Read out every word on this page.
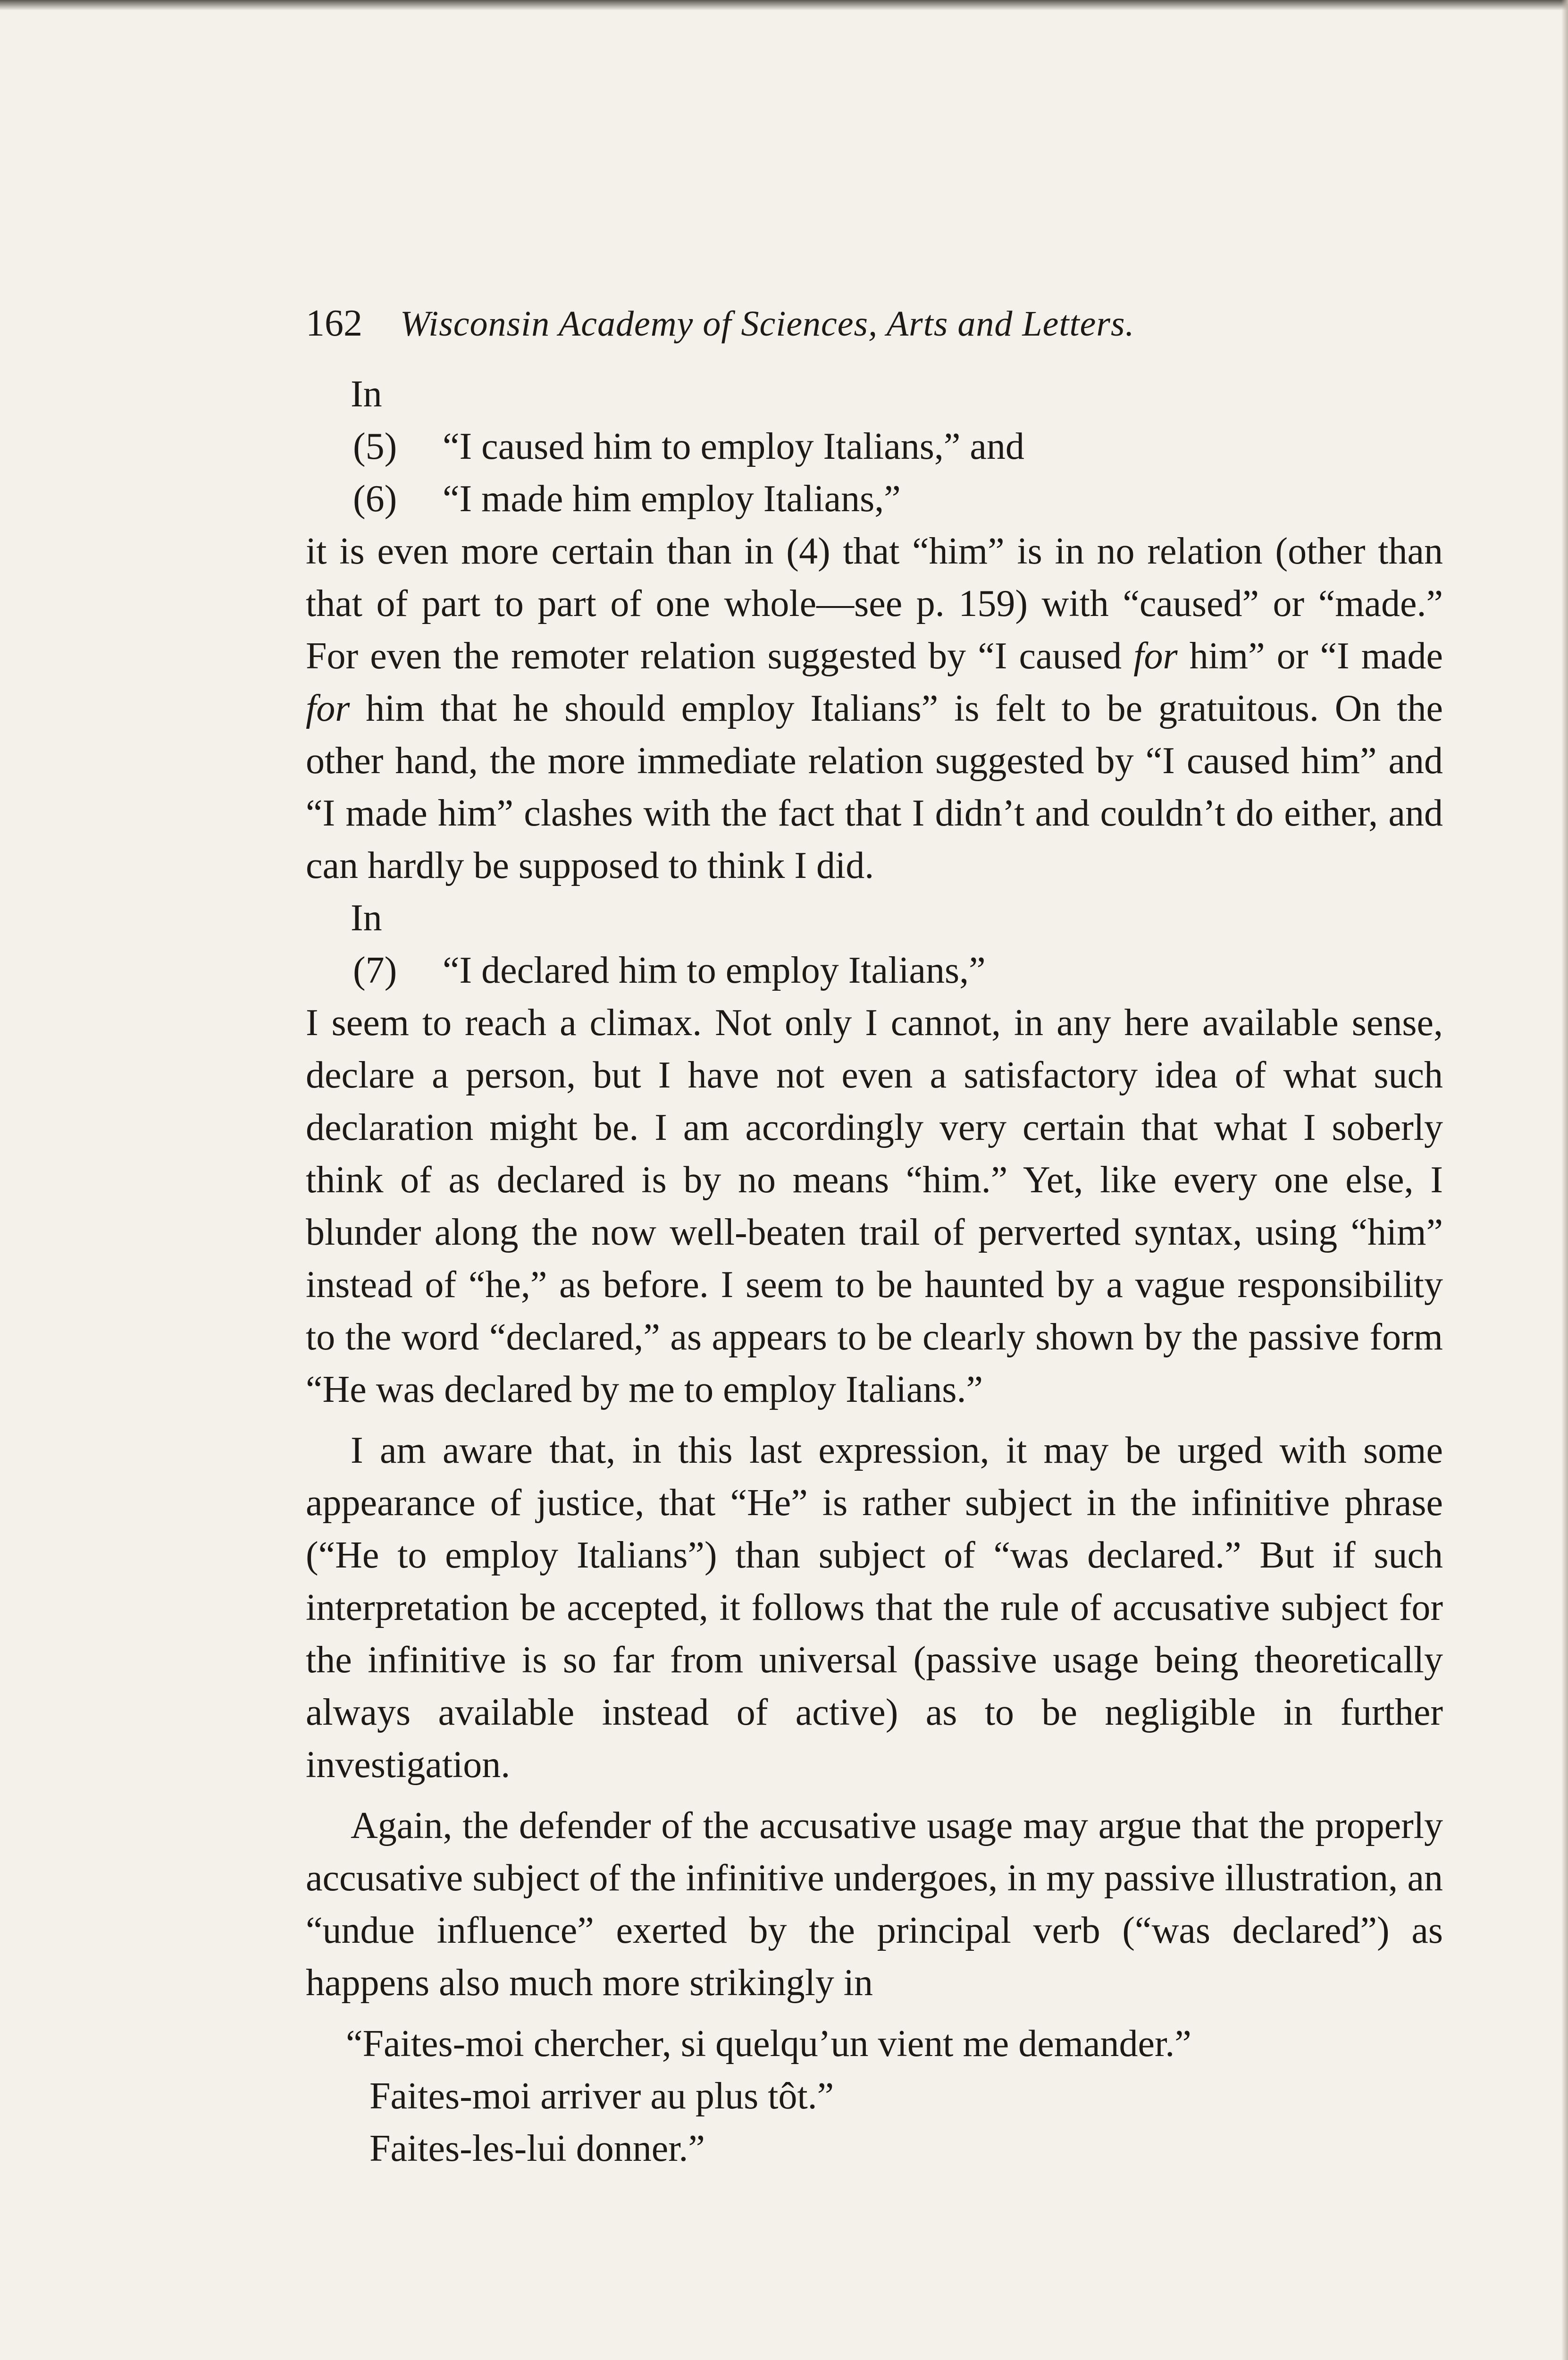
162	Wisconsin Academy of Sciences, Arts and Letters.

In

(5) “I caused him to employ Italians,” and
(6) “I made him employ Italians,”

it is even more certain than in (4) that “him” is in no relation (other than that of part to part of one whole—see p. 159) with “caused” or “made.” For even the remoter relation suggested by “I caused for him” or “I made for him that he should employ Italians” is felt to be gratuitous. On the other hand, the more immediate relation suggested by “I caused him” and “I made him” clashes with the fact that I didn’t and couldn’t do either, and can hardly be supposed to think I did.

In

(7) “I declared him to employ Italians,”

I seem to reach a climax. Not only I cannot, in any here available sense, declare a person, but I have not even a satisfactory idea of what such declaration might be. I am accordingly very certain that what I soberly think of as declared is by no means “him.” Yet, like every one else, I blunder along the now well-beaten trail of perverted syntax, using “him” instead of “he,” as before. I seem to be haunted by a vague responsibility to the word “declared,” as appears to be clearly shown by the passive form “He was declared by me to employ Italians.”

I am aware that, in this last expression, it may be urged with some appearance of justice, that “He” is rather subject in the infinitive phrase (“He to employ Italians”) than subject of “was declared.” But if such interpretation be accepted, it follows that the rule of accusative subject for the infinitive is so far from universal (passive usage being theoretically always available instead of active) as to be negligible in further investigation.

Again, the defender of the accusative usage may argue that the properly accusative subject of the infinitive undergoes, in my passive illustration, an “undue influence” exerted by the principal verb (“was declared”) as happens also much more strikingly in

“Faites-moi chercher, si quelqu’un vient me demander.”
Faites-moi arriver au plus tôt.”
Faites-les-lui donner.”
